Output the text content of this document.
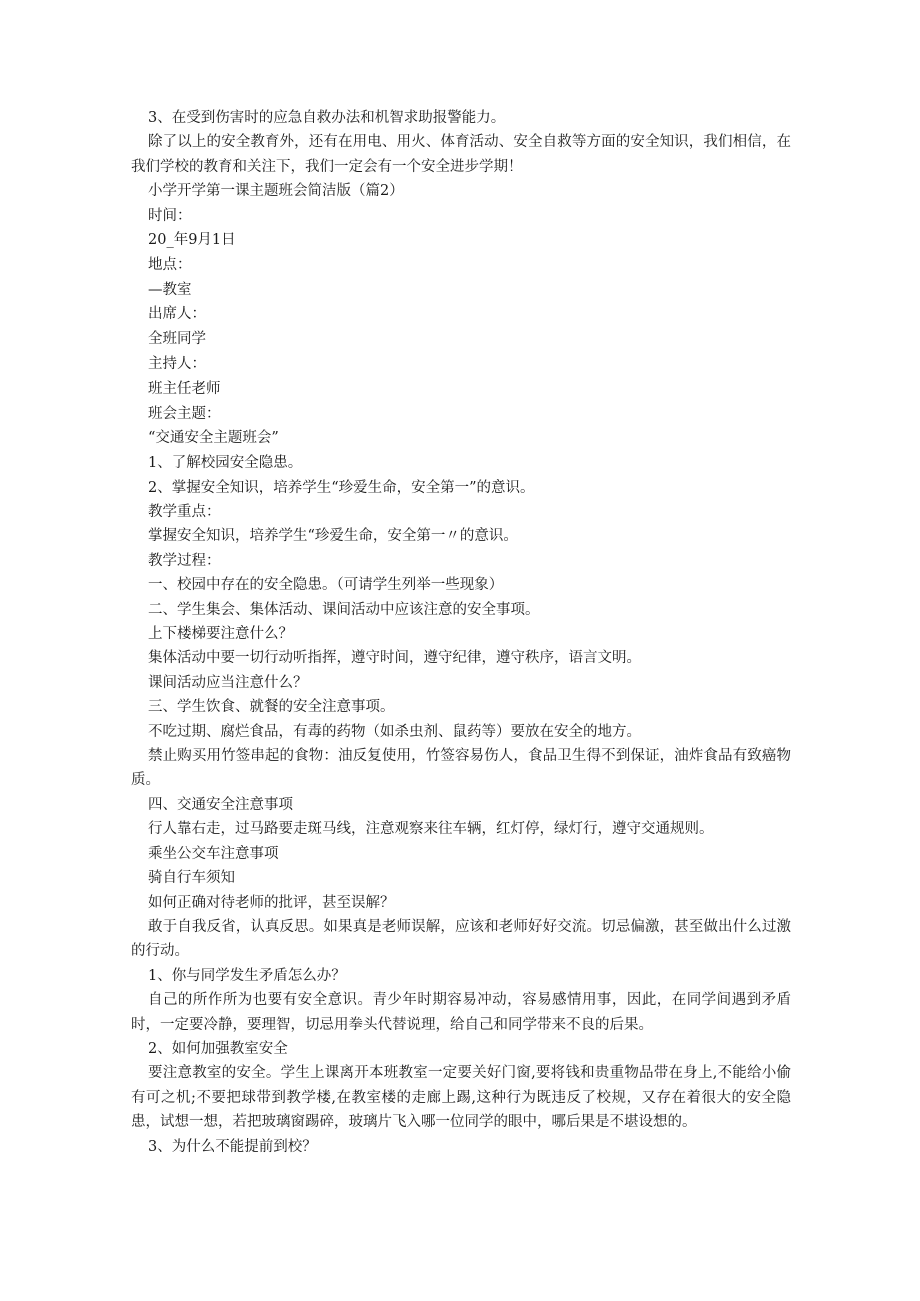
3、在受到伤害时的应急自救办法和机智求助报警能力。

除了以上的安全教育外，还有在用电、用火、体育活动、安全自救等方面的安全知识，我们相信，在我们学校的教育和关注下，我们一定会有一个安全进步学期！

小学开学第一课主题班会简洁版（篇2）

时间：

20_年9月1日

地点：

—教室

出席人：

全班同学

主持人：

班主任老师

班会主题：

“交通安全主题班会”

1、了解校园安全隐患。

2、掌握安全知识，培养学生“珍爱生命，安全第一”的意识。

教学重点：

掌握安全知识，培养学生“珍爱生命，安全第一〃的意识。

教学过程：

一、校园中存在的安全隐患。（可请学生列举一些现象）

二、学生集会、集体活动、课间活动中应该注意的安全事项。

上下楼梯要注意什么？

集体活动中要一切行动听指挥，遵守时间，遵守纪律，遵守秩序，语言文明。

课间活动应当注意什么？

三、学生饮食、就餐的安全注意事项。

不吃过期、腐烂食品，有毒的药物（如杀虫剂、鼠药等）要放在安全的地方。

禁止购买用竹签串起的食物：油反复使用，竹签容易伤人，食品卫生得不到保证，油炸食品有致癌物质。

四、交通安全注意事项

行人靠右走，过马路要走斑马线，注意观察来往车辆，红灯停，绿灯行，遵守交通规则。

乘坐公交车注意事项

骑自行车须知

如何正确对待老师的批评，甚至误解？

敢于自我反省，认真反思。如果真是老师误解，应该和老师好好交流。切忌偏激，甚至做出什么过激的行动。

1、你与同学发生矛盾怎么办？

自己的所作所为也要有安全意识。青少年时期容易冲动，容易感情用事，因此，在同学间遇到矛盾时，一定要冷静，要理智，切忌用拳头代替说理，给自己和同学带来不良的后果。

2、如何加强教室安全

要注意教室的安全。学生上课离开本班教室一定要关好门窗,要将钱和贵重物品带在身上,不能给小偷有可之机;不要把球带到教学楼,在教室楼的走廊上踢,这种行为既违反了校规，又存在着很大的安全隐患，试想一想，若把玻璃窗踢碎，玻璃片飞入哪一位同学的眼中，哪后果是不堪设想的。

3、为什么不能提前到校？
